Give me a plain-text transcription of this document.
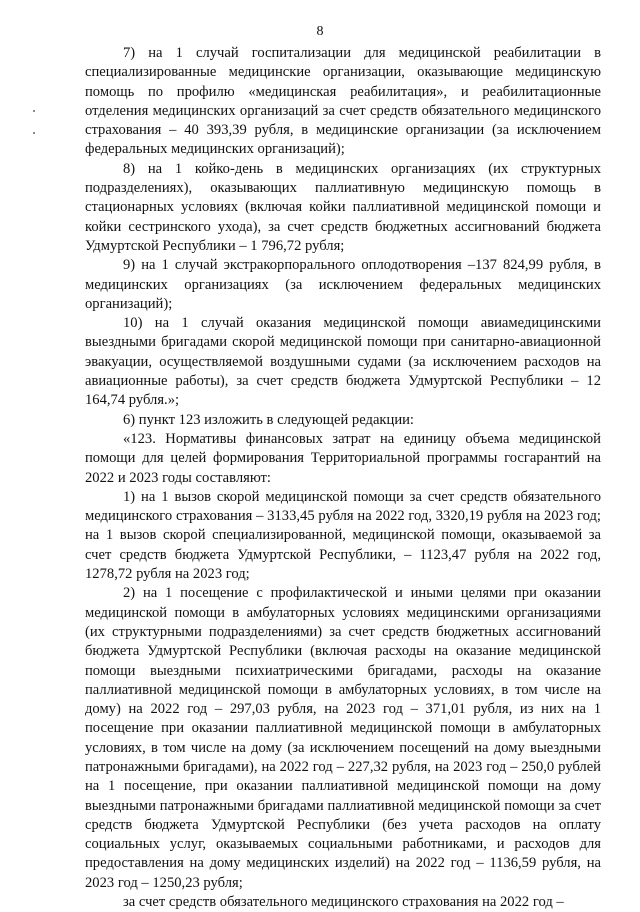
8

7) на 1 случай госпитализации для медицинской реабилитации в специализированные медицинские организации, оказывающие медицинскую помощь по профилю «медицинская реабилитация», и реабилитационные отделения медицинских организаций за счет средств обязательного медицинского страхования – 40 393,39 рубля, в медицинские организации (за исключением федеральных медицинских организаций);

8) на 1 койко-день в медицинских организациях (их структурных подразделениях), оказывающих паллиативную медицинскую помощь в стационарных условиях (включая койки паллиативной медицинской помощи и койки сестринского ухода), за счет средств бюджетных ассигнований бюджета Удмуртской Республики – 1 796,72 рубля;

9) на 1 случай экстракорпорального оплодотворения –137 824,99 рубля, в медицинских организациях (за исключением федеральных медицинских организаций);

10) на 1 случай оказания медицинской помощи авиамедицинскими выездными бригадами скорой медицинской помощи при санитарно-авиационной эвакуации, осуществляемой воздушными судами (за исключением расходов на авиационные работы), за счет средств бюджета Удмуртской Республики – 12 164,74 рубля.»;

6) пункт 123 изложить в следующей редакции:

«123. Нормативы финансовых затрат на единицу объема медицинской помощи для целей формирования Территориальной программы госгарантий на 2022 и 2023 годы составляют:

1) на 1 вызов скорой медицинской помощи за счет средств обязательного медицинского страхования – 3133,45 рубля на 2022 год, 3320,19 рубля на 2023 год; на 1 вызов скорой специализированной, медицинской помощи, оказываемой за счет средств бюджета Удмуртской Республики, – 1123,47 рубля на 2022 год, 1278,72 рубля на 2023 год;

2) на 1 посещение с профилактической и иными целями при оказании медицинской помощи в амбулаторных условиях медицинскими организациями (их структурными подразделениями) за счет средств бюджетных ассигнований бюджета Удмуртской Республики (включая расходы на оказание медицинской помощи выездными психиатрическими бригадами, расходы на оказание паллиативной медицинской помощи в амбулаторных условиях, в том числе на дому) на 2022 год – 297,03 рубля, на 2023 год – 371,01 рубля, из них на 1 посещение при оказании паллиативной медицинской помощи в амбулаторных условиях, в том числе на дому (за исключением посещений на дому выездными патронажными бригадами), на 2022 год – 227,32 рубля, на 2023 год – 250,0 рублей на 1 посещение, при оказании паллиативной медицинской помощи на дому выездными патронажными бригадами паллиативной медицинской помощи за счет средств бюджета Удмуртской Республики (без учета расходов на оплату социальных услуг, оказываемых социальными работниками, и расходов для предоставления на дому медицинских изделий) на 2022 год – 1136,59 рубля, на 2023 год – 1250,23 рубля;

за счет средств обязательного медицинского страхования на 2022 год –
